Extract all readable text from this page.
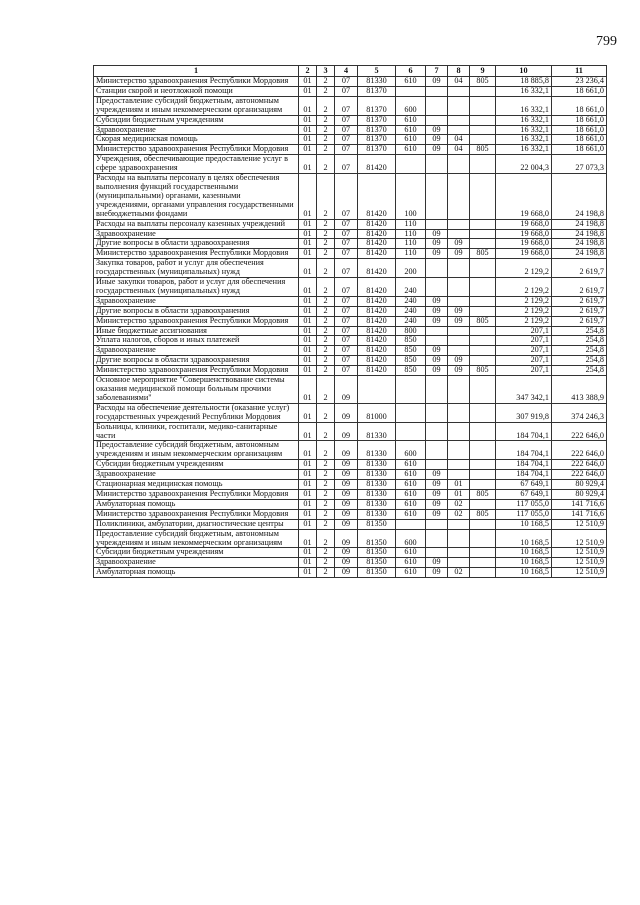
799
1	2	3	4	5	6	7	8	9	10	11
Министерство здравоохранения Республики Мордовия	01	2	07	81330	610	09	04	805	18 885,8	23 236,4
Станции скорой и неотложной помощи	01	2	07	81370					16 332,1	18 661,0
Предоставление субсидий бюджетным, автономным учреждениям и иным некоммерческим организациям	01	2	07	81370	600				16 332,1	18 661,0
Субсидии бюджетным учреждениям	01	2	07	81370	610				16 332,1	18 661,0
Здравоохранение	01	2	07	81370	610	09			16 332,1	18 661,0
Скорая медицинская помощь	01	2	07	81370	610	09	04		16 332,1	18 661,0
Министерство здравоохранения Республики Мордовия	01	2	07	81370	610	09	04	805	16 332,1	18 661,0
Учреждения, обеспечивающие предоставление услуг в сфере здравоохранения	01	2	07	81420					22 004,3	27 073,3
Расходы на выплаты персоналу в целях обеспечения выполнения функций государственными (муниципальными) органами, казенными учреждениями, органами управления государственными внебюджетными фондами	01	2	07	81420	100				19 668,0	24 198,8
Расходы на выплаты персоналу казенных учреждений	01	2	07	81420	110				19 668,0	24 198,8
Здравоохранение	01	2	07	81420	110	09			19 668,0	24 198,8
Другие вопросы в области здравоохранения	01	2	07	81420	110	09	09		19 668,0	24 198,8
Министерство здравоохранения Республики Мордовия	01	2	07	81420	110	09	09	805	19 668,0	24 198,8
Закупка товаров, работ и услуг для обеспечения государственных (муниципальных) нужд	01	2	07	81420	200				2 129,2	2 619,7
Иные закупки товаров, работ и услуг для обеспечения государственных (муниципальных) нужд	01	2	07	81420	240				2 129,2	2 619,7
Здравоохранение	01	2	07	81420	240	09			2 129,2	2 619,7
Другие вопросы в области здравоохранения	01	2	07	81420	240	09	09		2 129,2	2 619,7
Министерство здравоохранения Республики Мордовия	01	2	07	81420	240	09	09	805	2 129,2	2 619,7
Иные бюджетные ассигнования	01	2	07	81420	800				207,1	254,8
Уплата налогов, сборов и иных платежей	01	2	07	81420	850				207,1	254,8
Здравоохранение	01	2	07	81420	850	09			207,1	254,8
Другие вопросы в области здравоохранения	01	2	07	81420	850	09	09		207,1	254,8
Министерство здравоохранения Республики Мордовия	01	2	07	81420	850	09	09	805	207,1	254,8
Основное мероприятие "Совершенствование системы оказания медицинской помощи больным прочими заболеваниями"	01	2	09						347 342,1	413 388,9
Расходы на обеспечение деятельности (оказание услуг) государственных учреждений Республики Мордовия	01	2	09	81000					307 919,8	374 246,3
Больницы, клиники, госпитали, медико-санитарные части	01	2	09	81330					184 704,1	222 646,0
Предоставление субсидий бюджетным, автономным учреждениям и иным некоммерческим организациям	01	2	09	81330	600				184 704,1	222 646,0
Субсидии бюджетным учреждениям	01	2	09	81330	610				184 704,1	222 646,0
Здравоохранение	01	2	09	81330	610	09			184 704,1	222 646,0
Стационарная медицинская помощь	01	2	09	81330	610	09	01		67 649,1	80 929,4
Министерство здравоохранения Республики Мордовия	01	2	09	81330	610	09	01	805	67 649,1	80 929,4
Амбулаторная помощь	01	2	09	81330	610	09	02		117 055,0	141 716,6
Министерство здравоохранения Республики Мордовия	01	2	09	81330	610	09	02	805	117 055,0	141 716,6
Поликлиники, амбулатории, диагностические центры	01	2	09	81350					10 168,5	12 510,9
Предоставление субсидий бюджетным, автономным учреждениям и иным некоммерческим организациям	01	2	09	81350	600				10 168,5	12 510,9
Субсидии бюджетным учреждениям	01	2	09	81350	610				10 168,5	12 510,9
Здравоохранение	01	2	09	81350	610	09			10 168,5	12 510,9
Амбулаторная помощь	01	2	09	81350	610	09	02		10 168,5	12 510,9
